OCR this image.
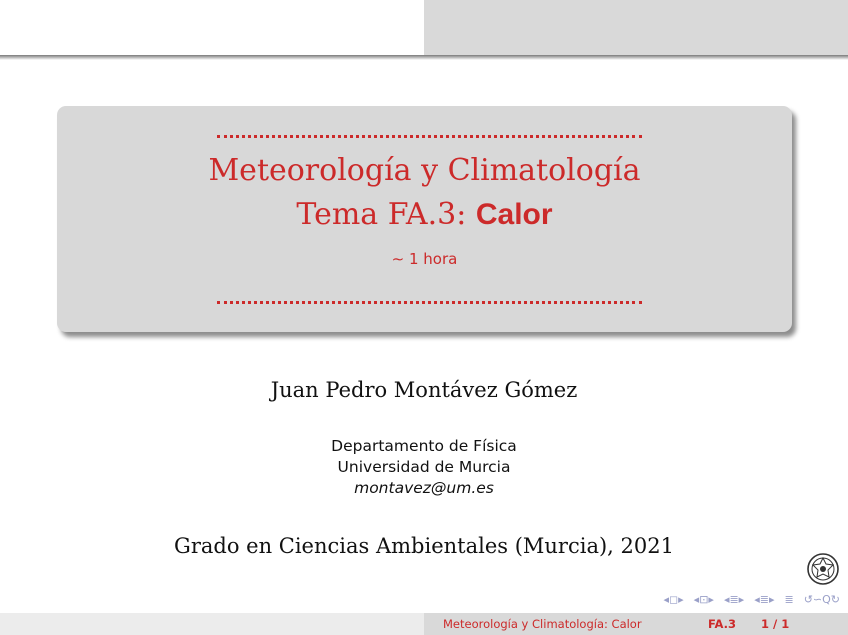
Meteorología y Climatología
Tema FA.3: Calor
∼ 1 hora
Juan Pedro Montávez Gómez
Departamento de Física
Universidad de Murcia
montavez@um.es
Grado en Ciencias Ambientales (Murcia), 2021
◂◻▸ ◂⊡▸ ◂≣▸ ◂≣▸ ≣ ↺∽Q↻
Meteorología y Climatología: Calor	FA.3 1 / 1
